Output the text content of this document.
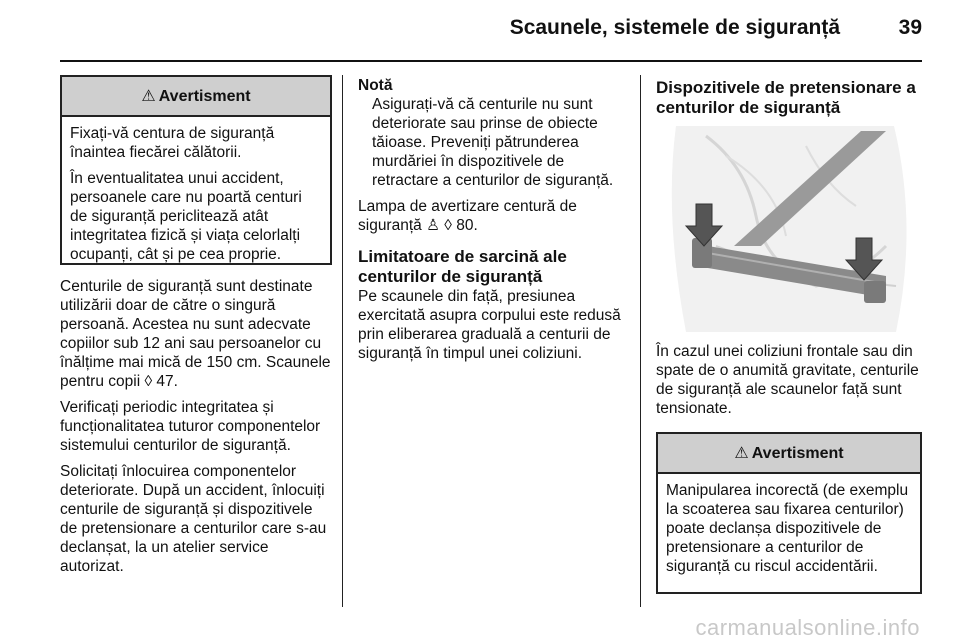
Scaunele, sistemele de siguranță	39
⚠ Avertisment

Fixați-vă centura de siguranță înaintea fiecărei călătorii.

În eventualitatea unui accident, persoanele care nu poartă centuri de siguranță periclitează atât integritatea fizică și viața celorlalți ocupanți, cât și pe cea proprie.

Centurile de siguranță sunt destinate utilizării doar de către o singură persoană. Acestea nu sunt adecvate copiilor sub 12 ani sau persoanelor cu înălțime mai mică de 150 cm. Scaunele pentru copii ◊ 47.

Verificați periodic integritatea și funcționalitatea tuturor componentelor sistemului centurilor de siguranță.

Solicitați înlocuirea componentelor deteriorate. După un accident, înlocuiți centurile de siguranță și dispozitivele de pretensionare a centurilor care s-au declanșat, la un atelier service autorizat.

Notă
Asigurați-vă că centurile nu sunt deteriorate sau prinse de obiecte tăioase. Preveniți pătrunderea murdăriei în dispozitivele de retractare a centurilor de siguranță.

Lampa de avertizare centură de siguranță ♙ ◊ 80.

Limitatoare de sarcină ale centurilor de siguranță
Pe scaunele din față, presiunea exercitată asupra corpului este redusă prin eliberarea graduală a centurii de siguranță în timpul unei coliziuni.
Dispozitivele de pretensionare a centurilor de siguranță
În cazul unei coliziuni frontale sau din spate de o anumită gravitate, centurile de siguranță ale scaunelor față sunt tensionate.
⚠ Avertisment

Manipularea incorectă (de exemplu la scoaterea sau fixarea centurilor) poate declanșa dispozitivele de pretensionare a centurilor de siguranță cu riscul accidentării.

carmanualsonline.info
